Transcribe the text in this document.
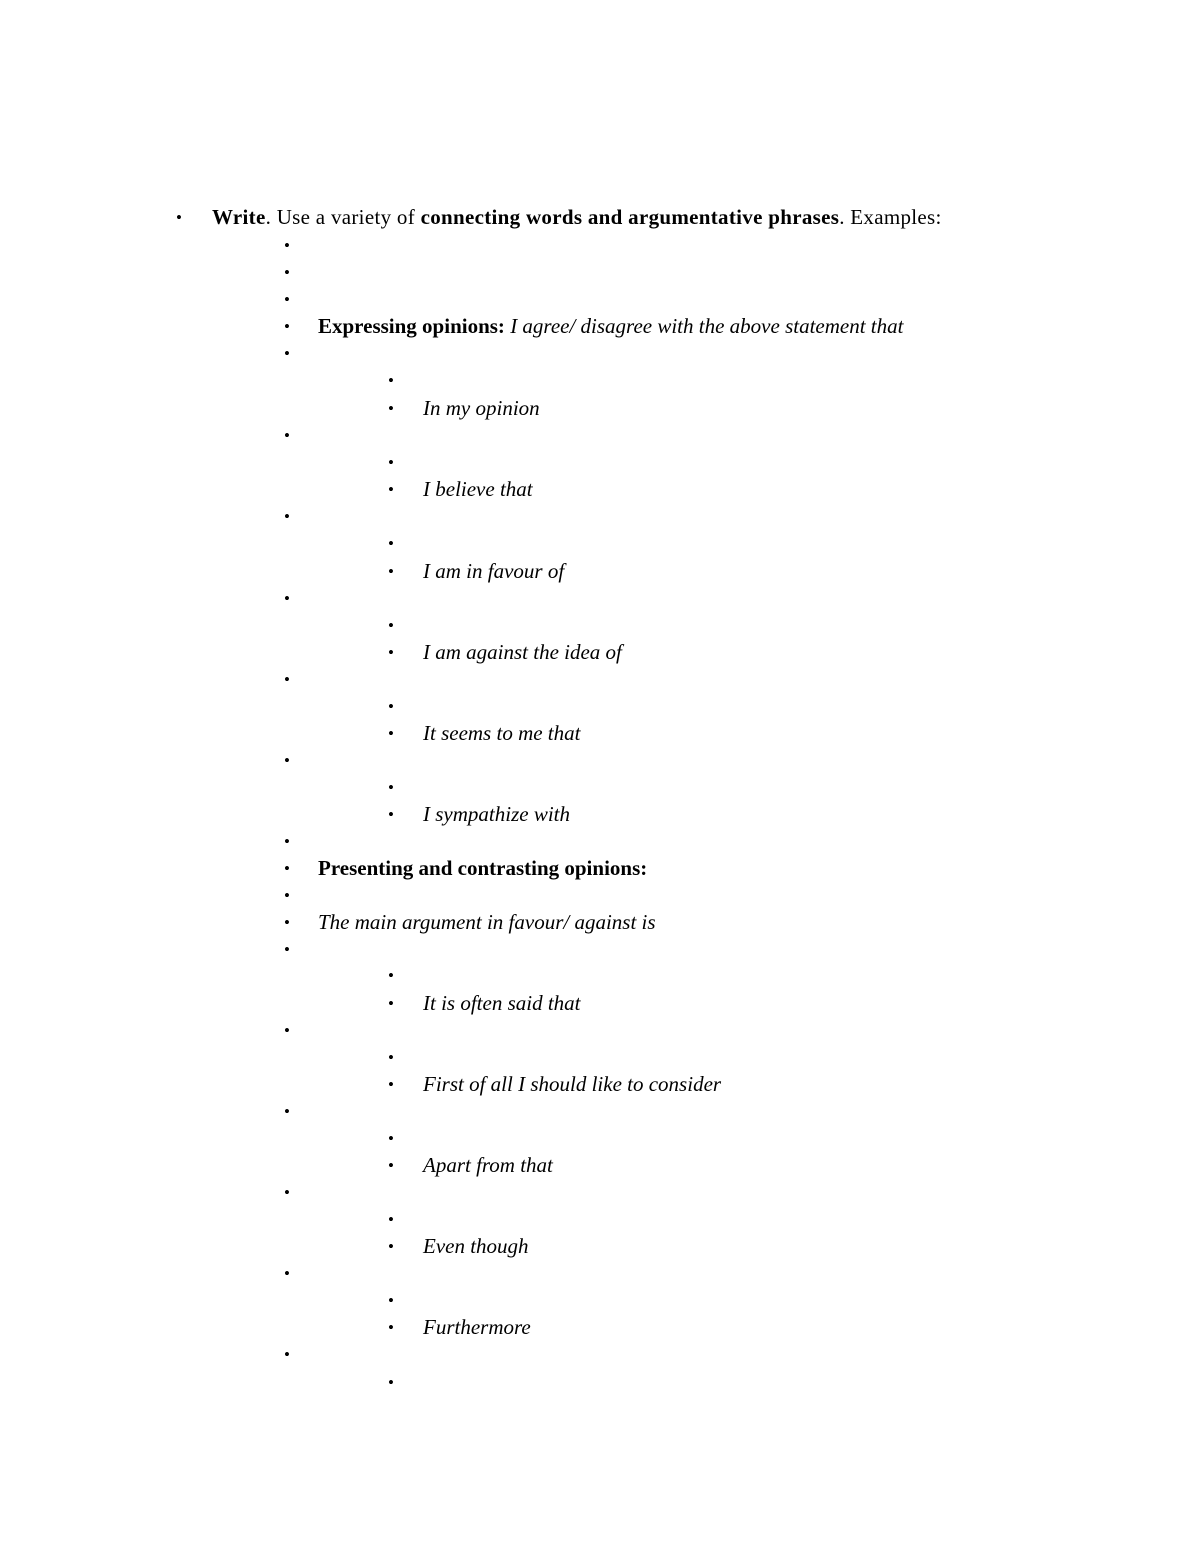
• Write. Use a variety of connecting words and argumentative phrases. Examples:
•
•
•
• Expressing opinions: I agree/ disagree with the above statement that
•
•
• In my opinion
•
•
• I believe that
•
•
• I am in favour of
•
•
• I am against the idea of
•
•
• It seems to me that
•
•
• I sympathize with
•
• Presenting and contrasting opinions:
•
• The main argument in favour/ against is
•
•
• It is often said that
•
•
• First of all I should like to consider
•
•
• Apart from that
•
•
• Even though
•
•
• Furthermore
•
•
